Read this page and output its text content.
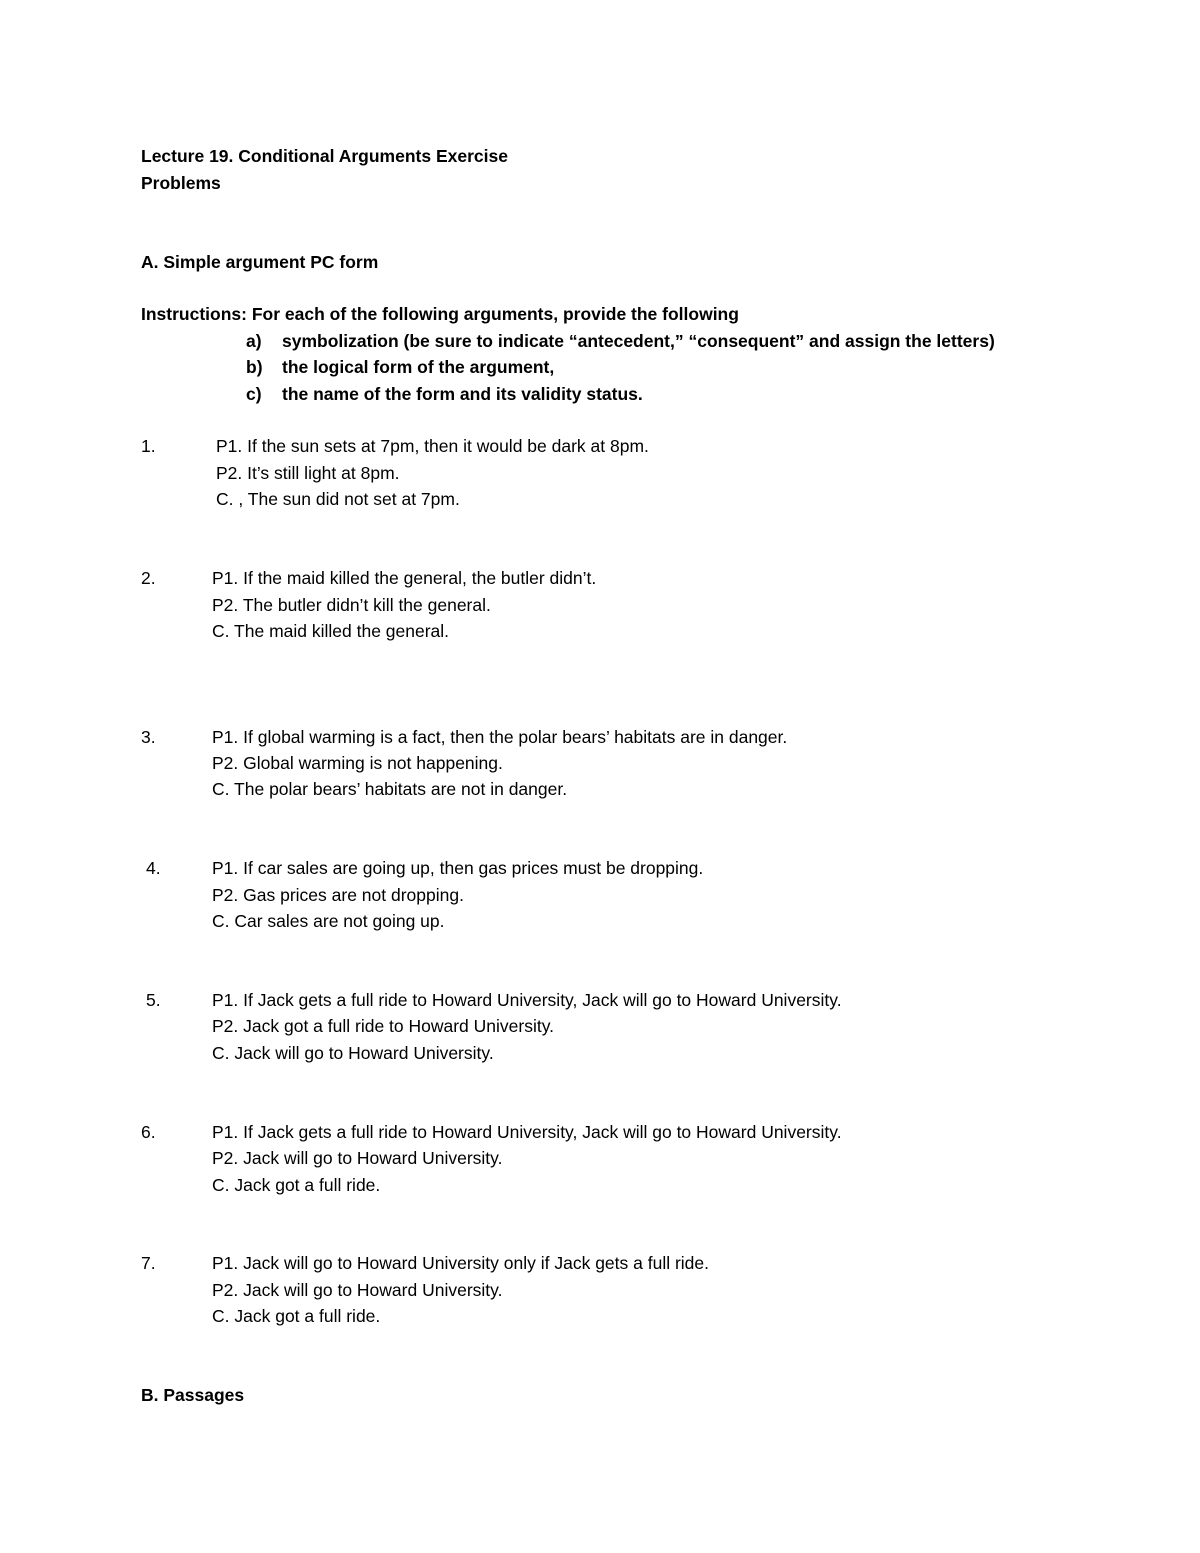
Lecture 19. Conditional Arguments Exercise
Problems
A. Simple argument PC form
Instructions: For each of the following arguments, provide the following
a) symbolization (be sure to indicate “antecedent,” “consequent” and assign the letters)
b) the logical form of the argument,
c) the name of the form and its validity status.
1.	P1. If the sun sets at 7pm, then it would be dark at 8pm.
P2. It’s still light at 8pm.
C. , The sun did not set at 7pm.
2.	P1. If the maid killed the general, the butler didn’t.
P2. The butler didn’t kill the general.
C. The maid killed the general.
3.	P1. If global warming is a fact, then the polar bears’ habitats are in danger.
P2. Global warming is not happening.
C. The polar bears’ habitats are not in danger.
4.	P1. If car sales are going up, then gas prices must be dropping.
P2. Gas prices are not dropping.
C. Car sales are not going up.
5.	P1. If Jack gets a full ride to Howard University, Jack will go to Howard University.
P2. Jack got a full ride to Howard University.
C. Jack will go to Howard University.
6.	P1. If Jack gets a full ride to Howard University, Jack will go to Howard University.
P2. Jack will go to Howard University.
C. Jack got a full ride.
7.	P1. Jack will go to Howard University only if Jack gets a full ride.
P2. Jack will go to Howard University.
C. Jack got a full ride.
B. Passages
